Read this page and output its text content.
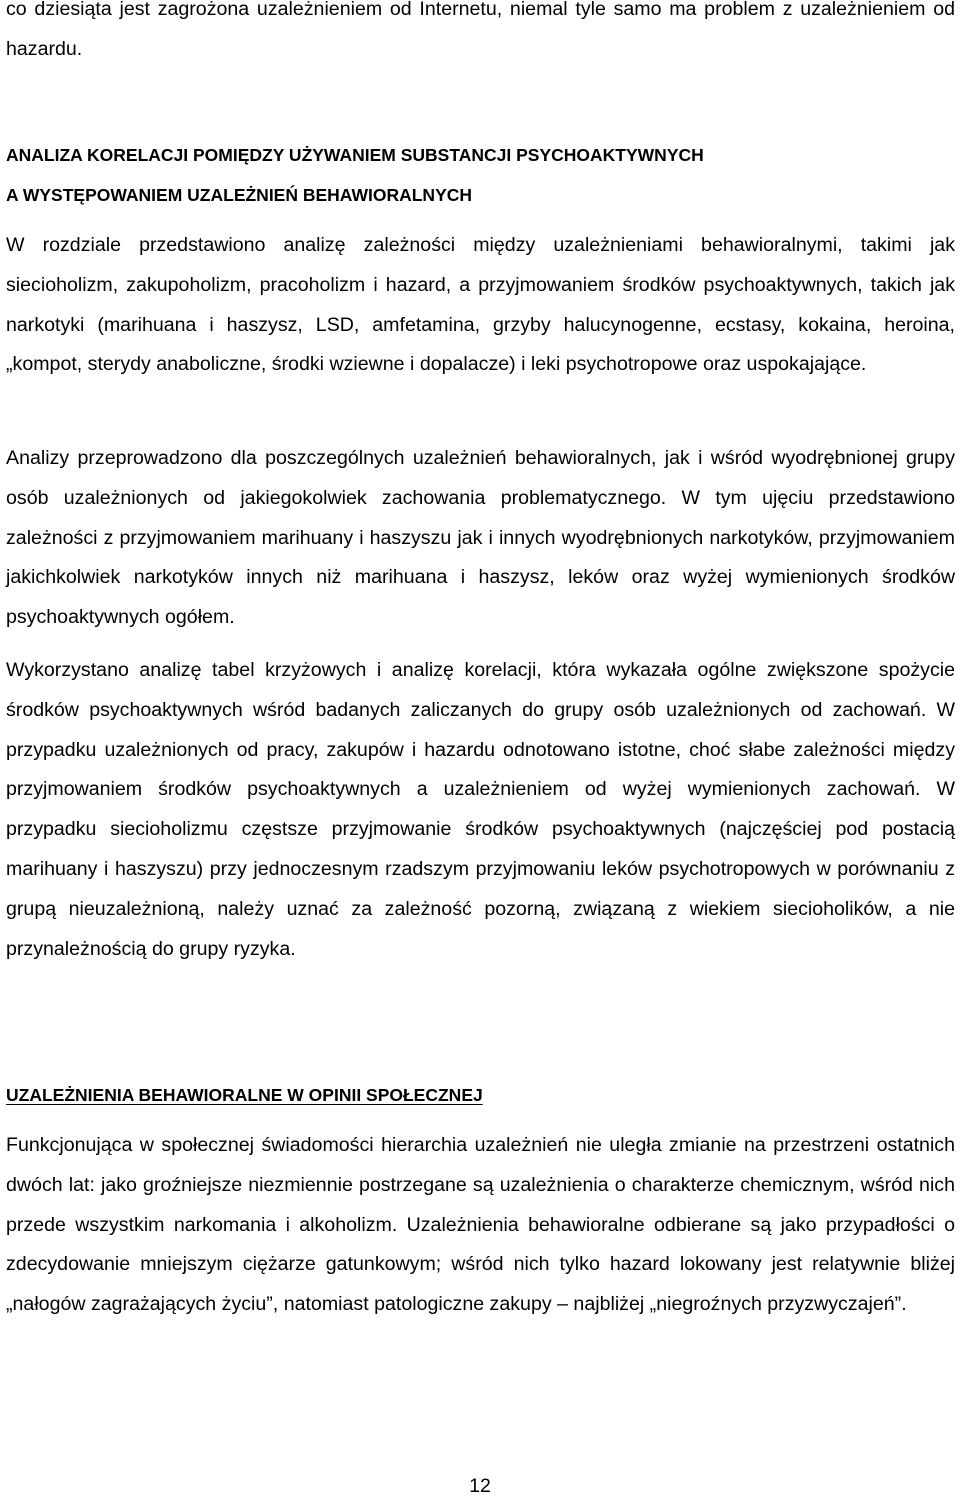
co dziesiąta jest zagrożona uzależnieniem od Internetu, niemal tyle samo ma problem z uzależnieniem od hazardu.

ANALIZA KORELACJI POMIĘDZY UŻYWANIEM SUBSTANCJI PSYCHOAKTYWNYCH
A WYSTĘPOWANIEM UZALEŻNIEŃ BEHAWIORALNYCH

W rozdziale przedstawiono analizę zależności między uzależnieniami behawioralnymi, takimi jak siecioholizm, zakupoholizm, pracoholizm i hazard, a przyjmowaniem środków psychoaktywnych, takich jak narkotyki (marihuana i haszysz, LSD, amfetamina, grzyby halucynogenne, ecstasy, kokaina, heroina, „kompot, sterydy anaboliczne, środki wziewne i dopalacze) i leki psychotropowe oraz uspokajające.

Analizy przeprowadzono dla poszczególnych uzależnień behawioralnych, jak i wśród wyodrębnionej grupy osób uzależnionych od jakiegokolwiek zachowania problematycznego. W tym ujęciu przedstawiono zależności z przyjmowaniem marihuany i haszyszu jak i innych wyodrębnionych narkotyków, przyjmowaniem jakichkolwiek narkotyków innych niż marihuana i haszysz, leków oraz wyżej wymienionych środków psychoaktywnych ogółem.

Wykorzystano analizę tabel krzyżowych i analizę korelacji, która wykazała ogólne zwiększone spożycie środków psychoaktywnych wśród badanych zaliczanych do grupy osób uzależnionych od zachowań. W przypadku uzależnionych od pracy, zakupów i hazardu odnotowano istotne, choć słabe zależności między przyjmowaniem środków psychoaktywnych a uzależnieniem od wyżej wymienionych zachowań. W przypadku siecioholizmu częstsze przyjmowanie środków psychoaktywnych (najczęściej pod postacią marihuany i haszyszu) przy jednoczesnym rzadszym przyjmowaniu leków psychotropowych w porównaniu z grupą nieuzależnioną, należy uznać za zależność pozorną, związaną z wiekiem siecioholików, a nie przynależnością do grupy ryzyka.

UZALEŻNIENIA BEHAWIORALNE W OPINII SPOŁECZNEJ

Funkcjonująca w społecznej świadomości hierarchia uzależnień nie uległa zmianie na przestrzeni ostatnich dwóch lat: jako groźniejsze niezmiennie postrzegane są uzależnienia o charakterze chemicznym, wśród nich przede wszystkim narkomania i alkoholizm. Uzależnienia behawioralne odbierane są jako przypadłości o zdecydowanie mniejszym ciężarze gatunkowym; wśród nich tylko hazard lokowany jest relatywnie bliżej „nałogów zagrażających życiu”, natomiast patologiczne zakupy – najbliżej „niegroźnych przyzwyczajeń”.

12
